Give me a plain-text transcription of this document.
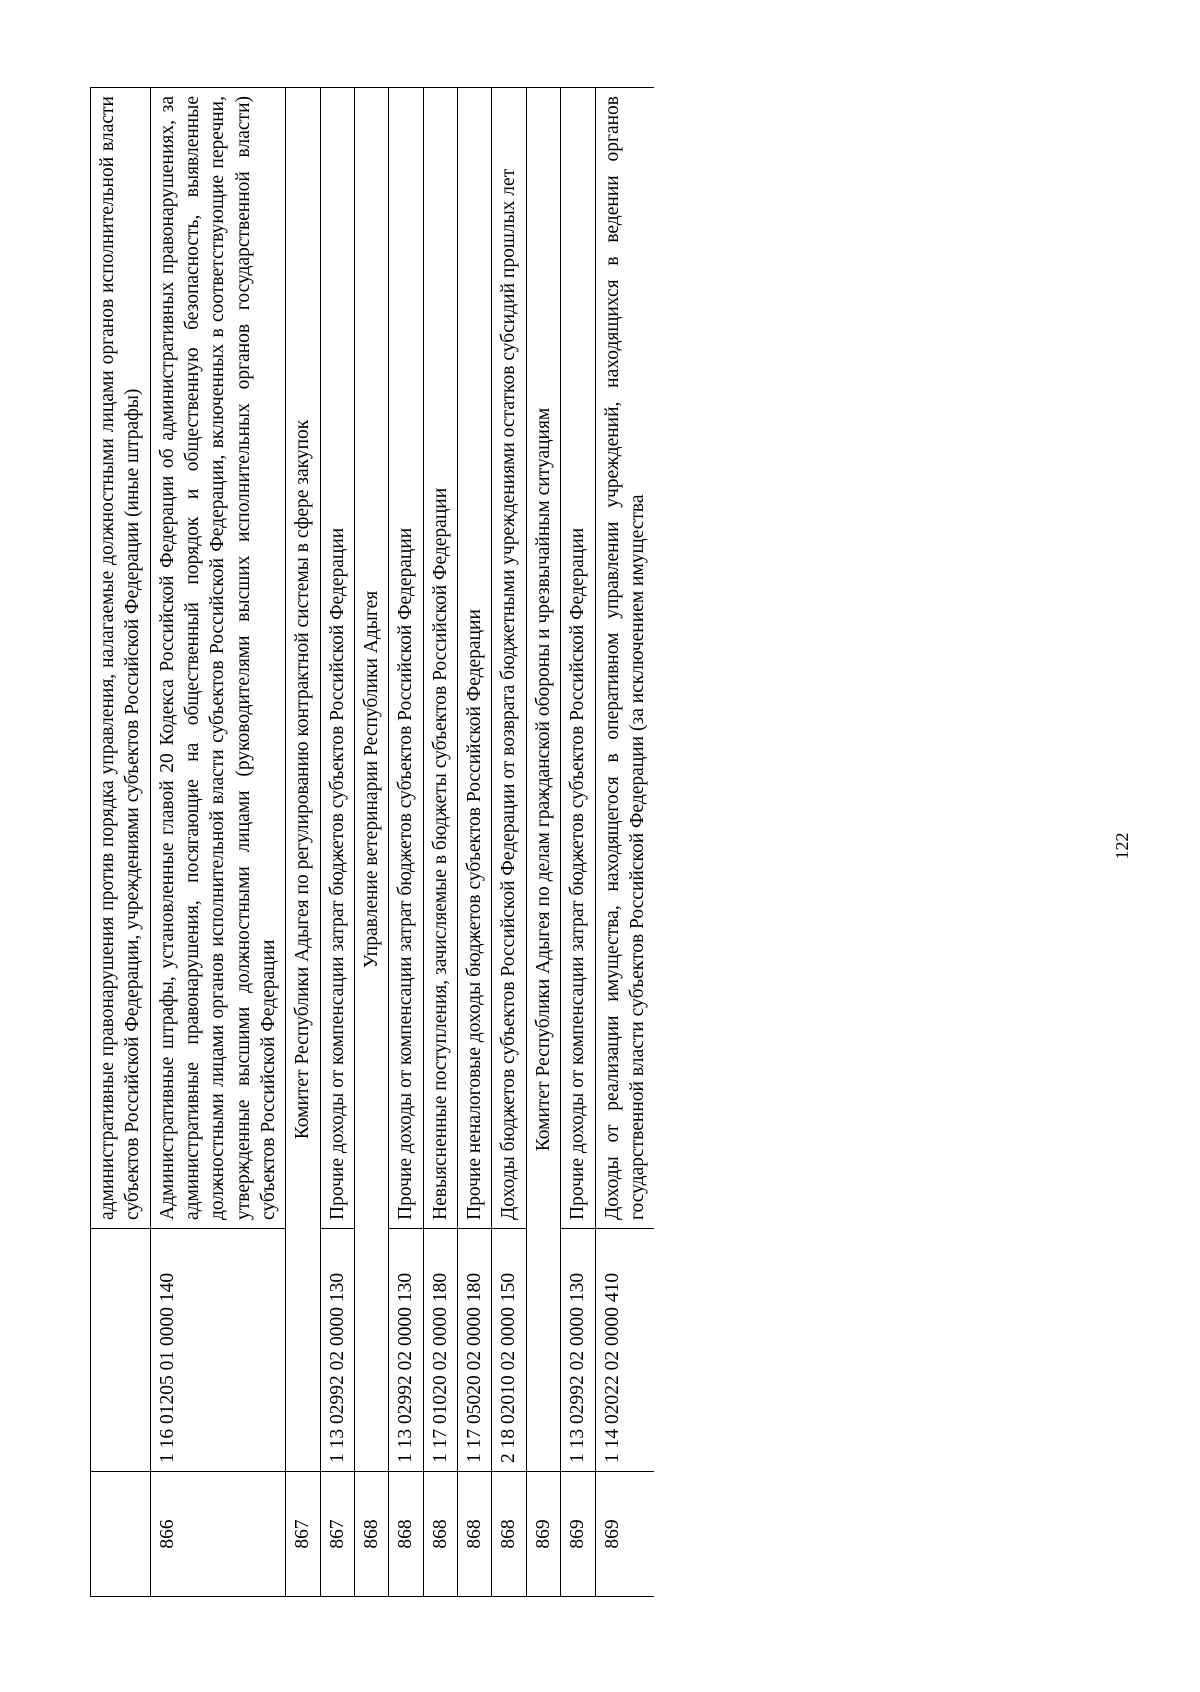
		административные правонарушения против порядка управления, налагаемые должностными лицами органов исполнительной власти субъектов Российской Федерации, учреждениями субъектов Российской Федерации (иные штрафы)
866	1 16 01205 01 0000 140	Административные штрафы, установленные главой 20 Кодекса Российской Федерации об административных правонарушениях, за административные правонарушения, посягающие на общественный порядок и общественную безопасность, выявленные должностными лицами органов исполнительной власти субъектов Российской Федерации, включенных в соответствующие перечни, утвержденные высшими должностными лицами (руководителями высших исполнительных органов государственной власти) субъектов Российской Федерации
867	Комитет Республики Адыгея по регулированию контрактной системы в сфере закупок	
867	1 13 02992 02 0000 130	Прочие доходы от компенсации затрат бюджетов субъектов Российской Федерации
868	Управление ветеринарии Республики Адыгея	
868	1 13 02992 02 0000 130	Прочие доходы от компенсации затрат бюджетов субъектов Российской Федерации
868	1 17 01020 02 0000 180	Невыясненные поступления, зачисляемые в бюджеты субъектов Российской Федерации
868	1 17 05020 02 0000 180	Прочие неналоговые доходы бюджетов субъектов Российской Федерации
868	2 18 02010 02 0000 150	Доходы бюджетов субъектов Российской Федерации от возврата бюджетными учреждениями остатков субсидий прошлых лет
869	Комитет Республики Адыгея по делам гражданской обороны и чрезвычайным ситуациям	
869	1 13 02992 02 0000 130	Прочие доходы от компенсации затрат бюджетов субъектов Российской Федерации
869	1 14 02022 02 0000 410	Доходы от реализации имущества, находящегося в оперативном управлении учреждений, находящихся в ведении органов государственной власти субъектов Российской Федерации (за исключением имущества	122
